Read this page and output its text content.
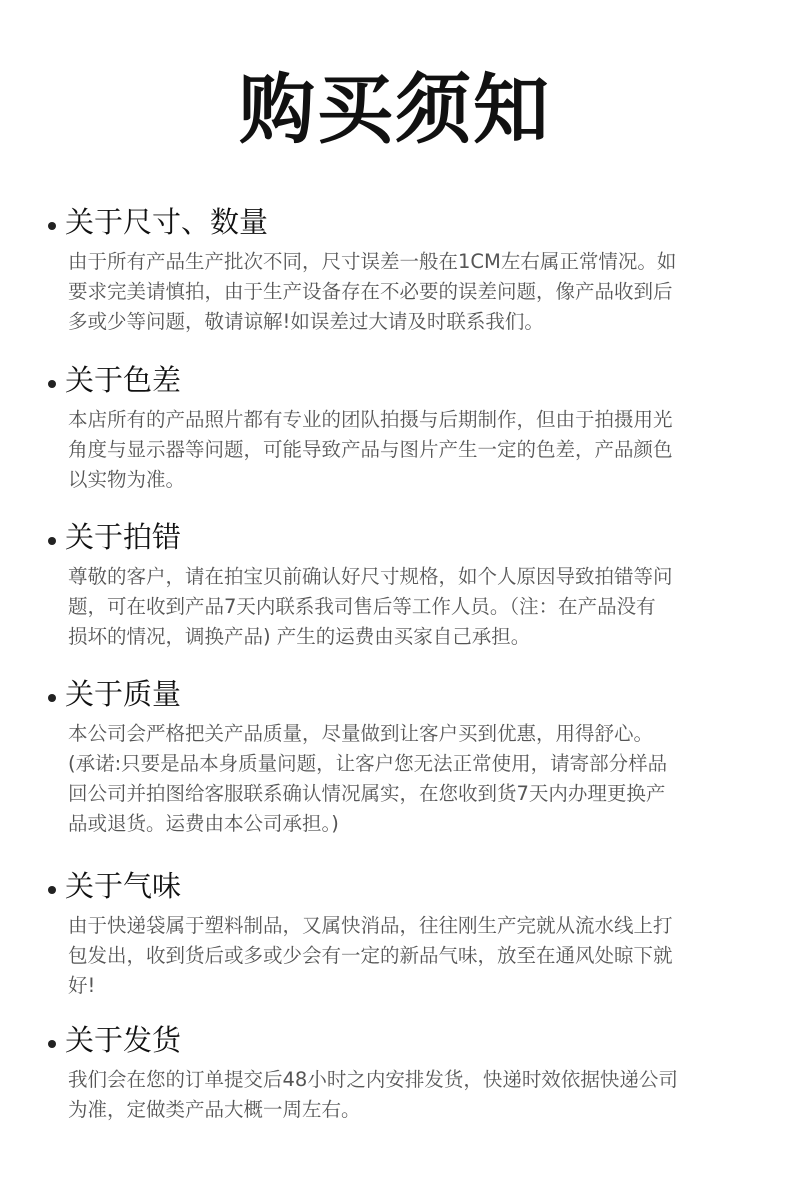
购买须知
关于尺寸、数量
由于所有产品生产批次不同，尺寸误差一般在1CM左右属正常情况。如
要求完美请慎拍，由于生产设备存在不必要的误差问题，像产品收到后
多或少等问题，敬请谅解!如误差过大请及时联系我们。
关于色差
本店所有的产品照片都有专业的团队拍摄与后期制作，但由于拍摄用光
角度与显示器等问题，可能导致产品与图片产生一定的色差，产品颜色
以实物为准。
关于拍错
尊敬的客户，请在拍宝贝前确认好尺寸规格，如个人原因导致拍错等问
题，可在收到产品7天内联系我司售后等工作人员。（注：在产品没有
损坏的情况，调换产品) 产生的运费由买家自己承担。
关于质量
本公司会严格把关产品质量，尽量做到让客户买到优惠，用得舒心。
(承诺:只要是品本身质量问题，让客户您无法正常使用，请寄部分样品
回公司并拍图给客服联系确认情况属实，在您收到货7天内办理更换产
品或退货。运费由本公司承担。)
关于气味
由于快递袋属于塑料制品，又属快消品，往往刚生产完就从流水线上打
包发出，收到货后或多或少会有一定的新品气味，放至在通风处晾下就
好!
关于发货
我们会在您的订单提交后48小时之内安排发货，快递时效依据快递公司
为准，定做类产品大概一周左右。
